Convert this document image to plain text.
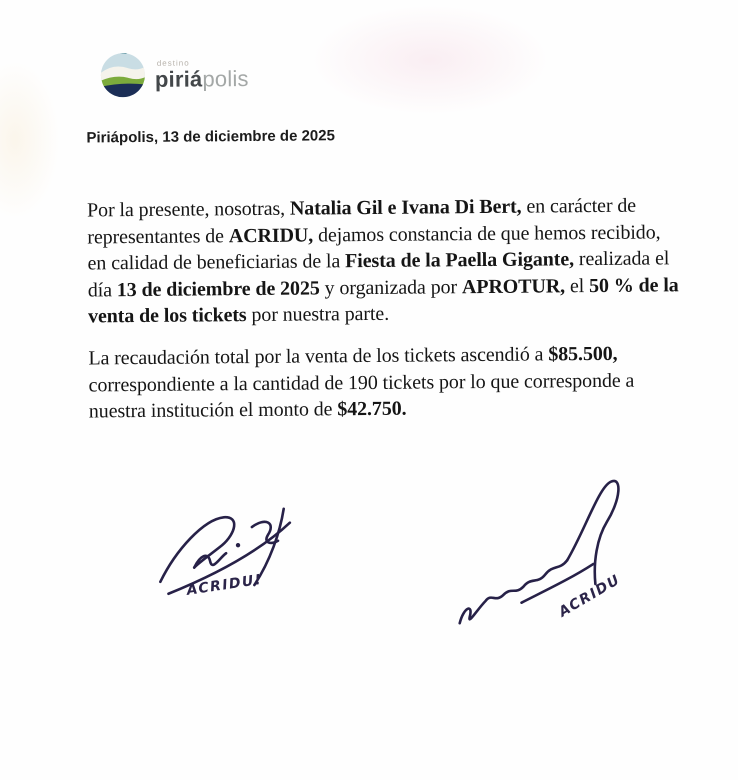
destino
piriápolis

Piriápolis, 13 de diciembre de 2025

Por la presente, nosotras, Natalia Gil e Ivana Di Bert, en carácter de representantes de ACRIDU, dejamos constancia de que hemos recibido, en calidad de beneficiarias de la Fiesta de la Paella Gigante, realizada el día 13 de diciembre de 2025 y organizada por APROTUR, el 50 % de la venta de los tickets por nuestra parte.

La recaudación total por la venta de los tickets ascendió a $85.500, correspondiente a la cantidad de 190 tickets por lo que corresponde a nuestra institución el monto de $42.750.

ACRIDU!	ACRIDU
